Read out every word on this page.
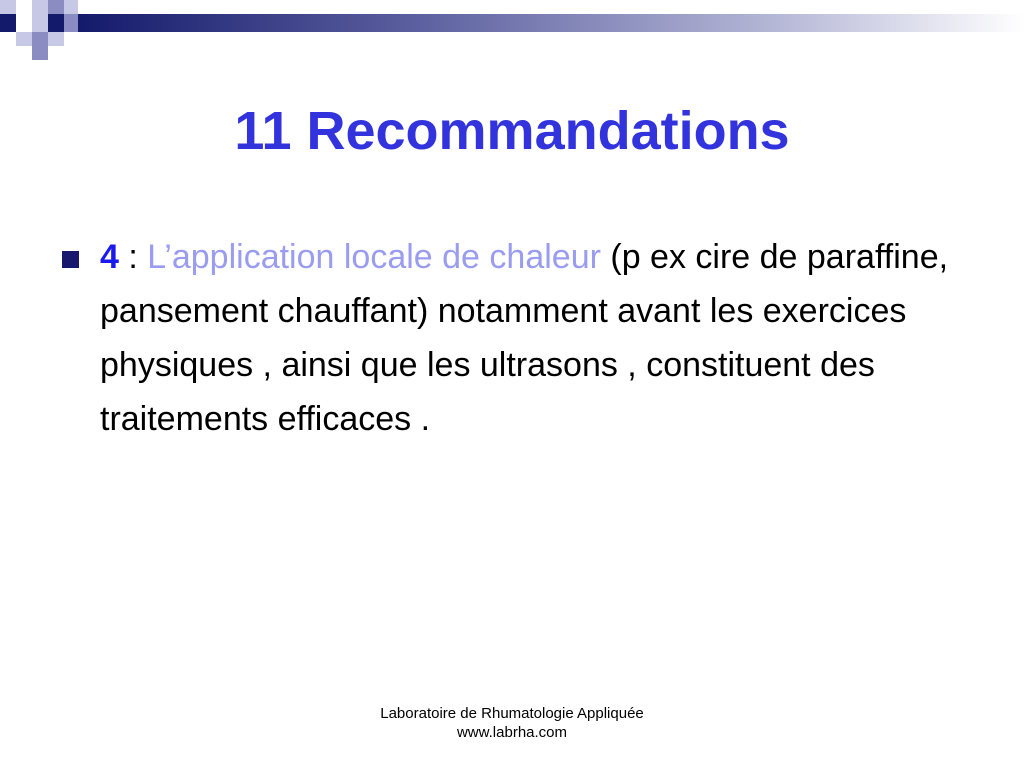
11 Recommandations
4 : L’application locale de chaleur (p ex cire de paraffine, pansement chauffant) notamment avant les exercices physiques , ainsi que les ultrasons , constituent des traitements efficaces .
Laboratoire de Rhumatologie Appliquée
www.labrha.com
